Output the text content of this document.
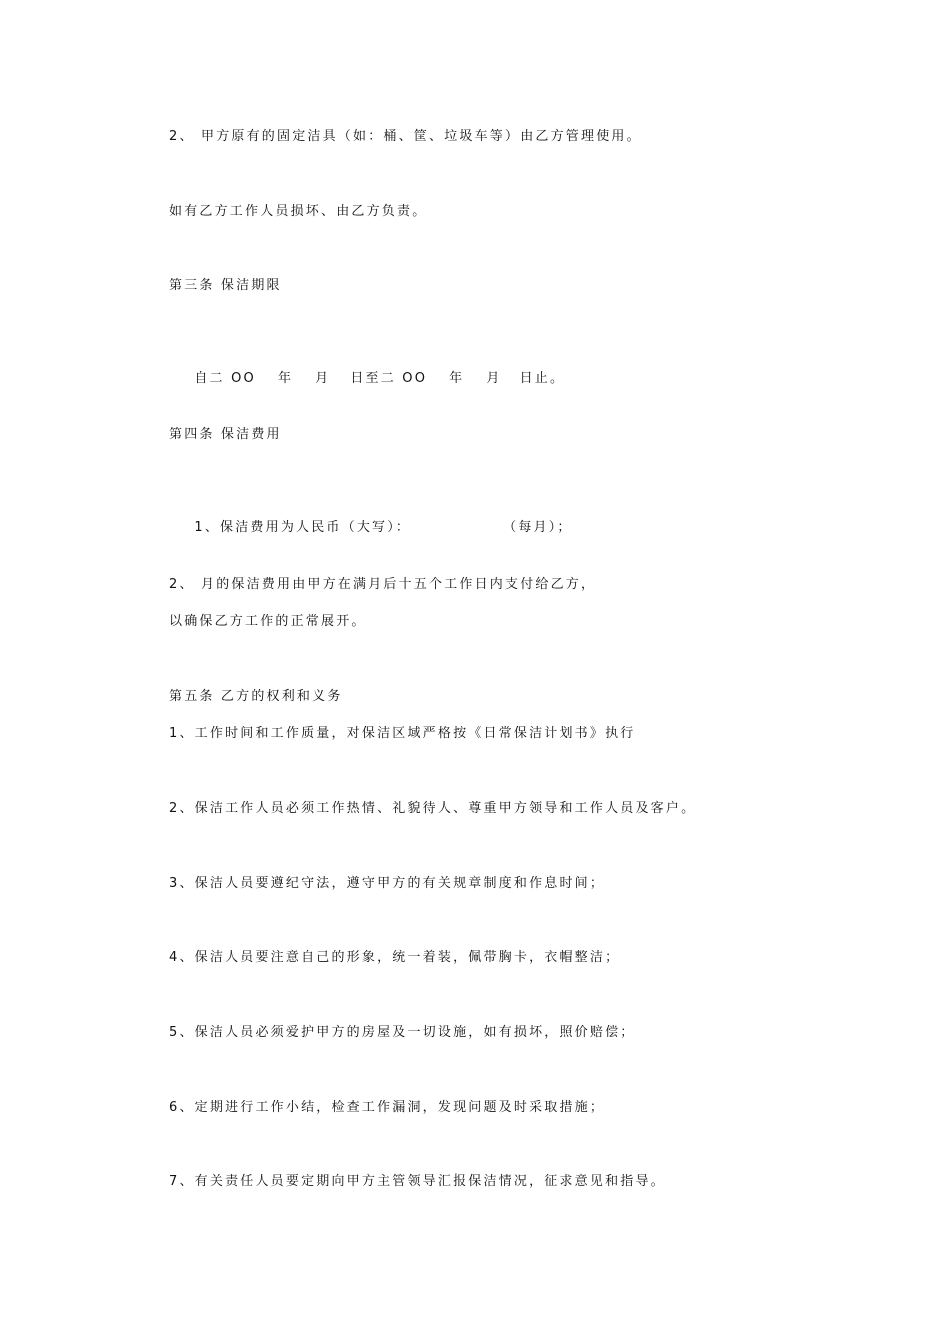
2、 甲方原有的固定洁具（如：桶、筐、垃圾车等）由乙方管理使用。
如有乙方工作人员损坏、由乙方负责。
第三条 保洁期限

自二 OO 年 月 日至二 OO 年 月 日止。

第四条 保洁费用

1、保洁费用为人民币（大写）：	（每月）；

2、 月的保洁费用由甲方在满月后十五个工作日内支付给乙方，
以确保乙方工作的正常展开。
第五条 乙方的权利和义务
1、工作时间和工作质量，对保洁区域严格按《日常保洁计划书》执行
2、保洁工作人员必须工作热情、礼貌待人、尊重甲方领导和工作人员及客户。
3、保洁人员要遵纪守法，遵守甲方的有关规章制度和作息时间；
4、保洁人员要注意自己的形象，统一着装，佩带胸卡，衣帽整洁；
5、保洁人员必须爱护甲方的房屋及一切设施，如有损坏，照价赔偿；
6、定期进行工作小结，检查工作漏洞，发现问题及时采取措施；
7、有关责任人员要定期向甲方主管领导汇报保洁情况，征求意见和指导。
